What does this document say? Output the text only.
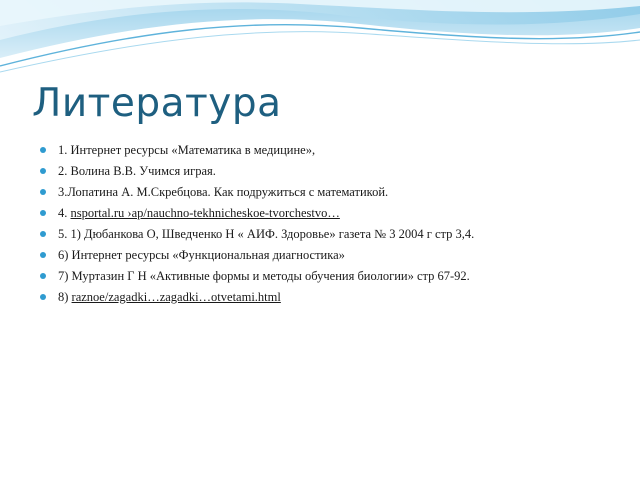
Литература
1. Интернет ресурсы «Математика в медицине»,
2. Волина В.В. Учимся играя.
3.Лопатина А. М.Скребцова. Как подружиться с математикой.
4. nsportal.ru ›ap/nauchno-tekhnicheskoe-tvorchestvo…
5. 1) Дюбанкова О, Шведченко Н « АИФ. Здоровье» газета № 3 2004 г стр 3,4.
6) Интернет ресурсы «Функциональная диагностика»
7) Муртазин Г Н «Активные формы и методы обучения биологии» стр 67-92.
8) raznoe/zagadki…zagadki…otvetami.html
